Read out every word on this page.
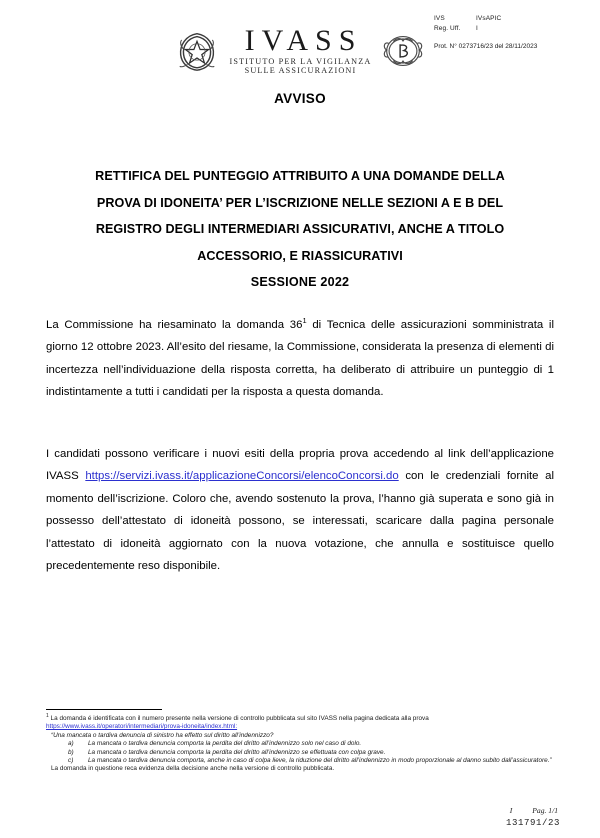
IVS	IVsAPIC
Reg. Uff.	I
Prot. N° 0273716/23 del 28/11/2023
IVASS
ISTITUTO PER LA VIGILANZA
SULLE ASSICURAZIONI
AVVISO
RETTIFICA DEL PUNTEGGIO ATTRIBUITO A UNA DOMANDE DELLA
PROVA DI IDONEITA’ PER L’ISCRIZIONE NELLE SEZIONI A E B DEL
REGISTRO DEGLI INTERMEDIARI ASSICURATIVI, ANCHE A TITOLO
ACCESSORIO, E RIASSICURATIVI
SESSIONE 2022
La Commissione ha riesaminato la domanda 36$^1$ di Tecnica delle assicurazioni somministrata il giorno 12 ottobre 2023. All’esito del riesame, la Commissione, considerata la presenza di elementi di incertezza nell’individuazione della risposta corretta, ha deliberato di attribuire un punteggio di 1 indistintamente a tutti i candidati per la risposta a questa domanda.
I candidati possono verificare i nuovi esiti della propria prova accedendo al link dell’applicazione IVASS https://servizi.ivass.it/applicazioneConcorsi/elencoConcorsi.do con le credenziali fornite al momento dell’iscrizione. Coloro che, avendo sostenuto la prova, l’hanno già superata e sono già in possesso dell’attestato di idoneità possono, se interessati, scaricare dalla pagina personale l’attestato di idoneità aggiornato con la nuova votazione, che annulla e sostituisce quello precedentemente reso disponibile.
$^1$ La domanda é identificata con il numero presente nella versione di controllo pubblicata sul sito IVASS nella pagina dedicata alla prova
https://www.ivass.it/operatori/intermediari/prova-idoneita/index.html:
“Una mancata o tardiva denuncia di sinistro ha effetto sul diritto all’indennizzo?
a)	La mancata o tardiva denuncia comporta la perdita del diritto all’indennizzo solo nel caso di dolo.
b)	La mancata o tardiva denuncia comporta la perdita del diritto all’indennizzo se effettuata con colpa grave.
c)	La mancata o tardiva denuncia comporta, anche in caso di colpa lieve, la riduzione del diritto all’indennizzo in modo proporzionale al danno subito dall’assicuratore.”
La domanda in questione reca evidenza della decisione anche nella versione di controllo pubblicata.
I	Pag. 1/1
131791/23
